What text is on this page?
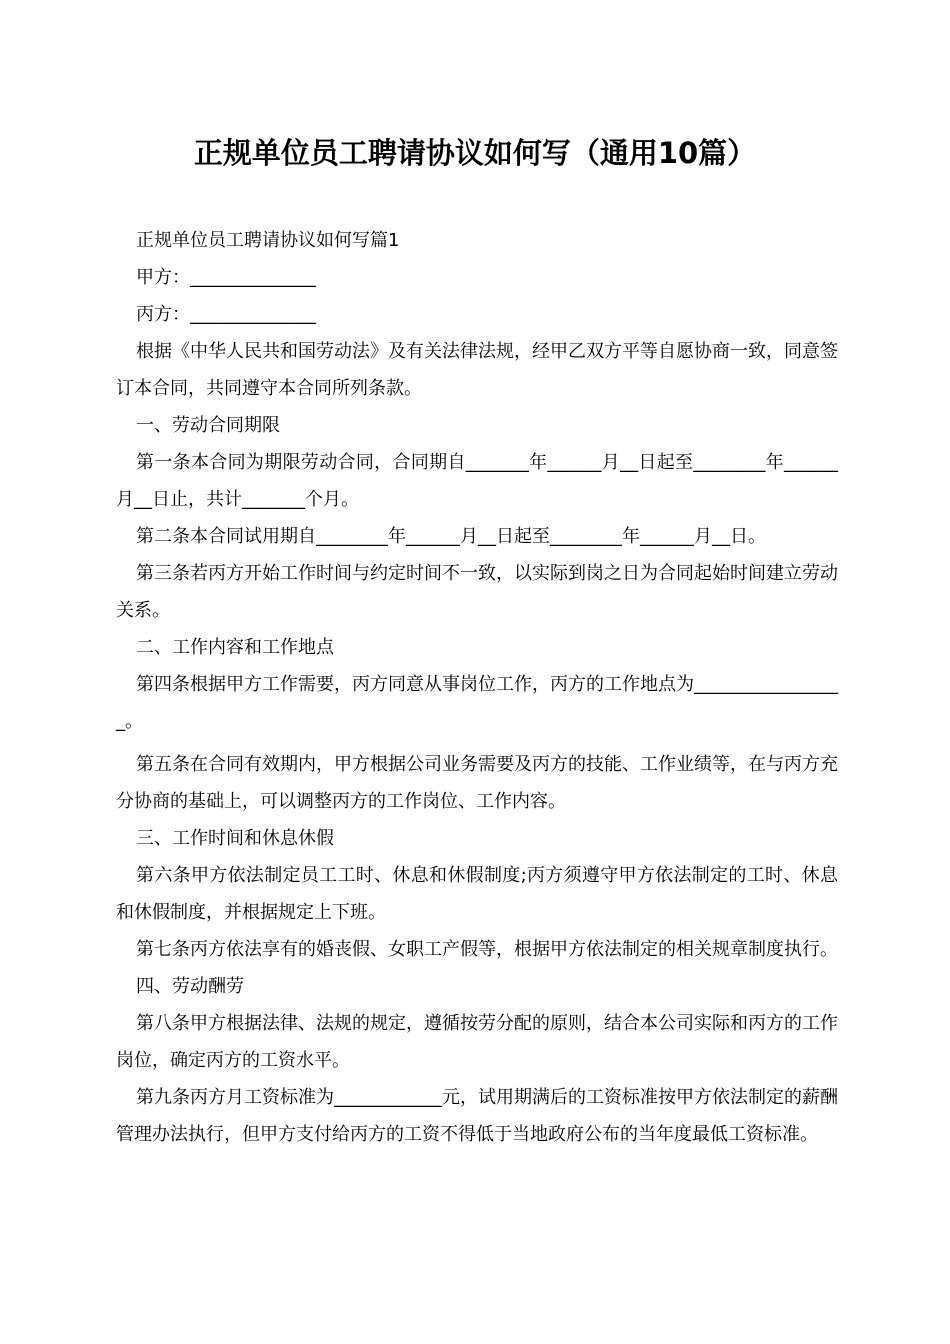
正规单位员工聘请协议如何写（通用10篇）

正规单位员工聘请协议如何写篇1

甲方：______________

丙方：______________

根据《中华人民共和国劳动法》及有关法律法规，经甲乙双方平等自愿协商一致，同意签订本合同，共同遵守本合同所列条款。

一、劳动合同期限

第一条本合同为期限劳动合同，合同期自_______年______月__日起至________年______月__日止，共计_______个月。

第二条本合同试用期自________年______月__日起至________年______月__日。

第三条若丙方开始工作时间与约定时间不一致，以实际到岗之日为合同起始时间建立劳动关系。

二、工作内容和工作地点

第四条根据甲方工作需要，丙方同意从事岗位工作，丙方的工作地点为_________________。

第五条在合同有效期内，甲方根据公司业务需要及丙方的技能、工作业绩等，在与丙方充分协商的基础上，可以调整丙方的工作岗位、工作内容。

三、工作时间和休息休假

第六条甲方依法制定员工工时、休息和休假制度;丙方须遵守甲方依法制定的工时、休息和休假制度，并根据规定上下班。

第七条丙方依法享有的婚丧假、女职工产假等，根据甲方依法制定的相关规章制度执行。

四、劳动酬劳

第八条甲方根据法律、法规的规定，遵循按劳分配的原则，结合本公司实际和丙方的工作岗位，确定丙方的工资水平。

第九条丙方月工资标准为____________元，试用期满后的工资标准按甲方依法制定的薪酬管理办法执行，但甲方支付给丙方的工资不得低于当地政府公布的当年度最低工资标准。
